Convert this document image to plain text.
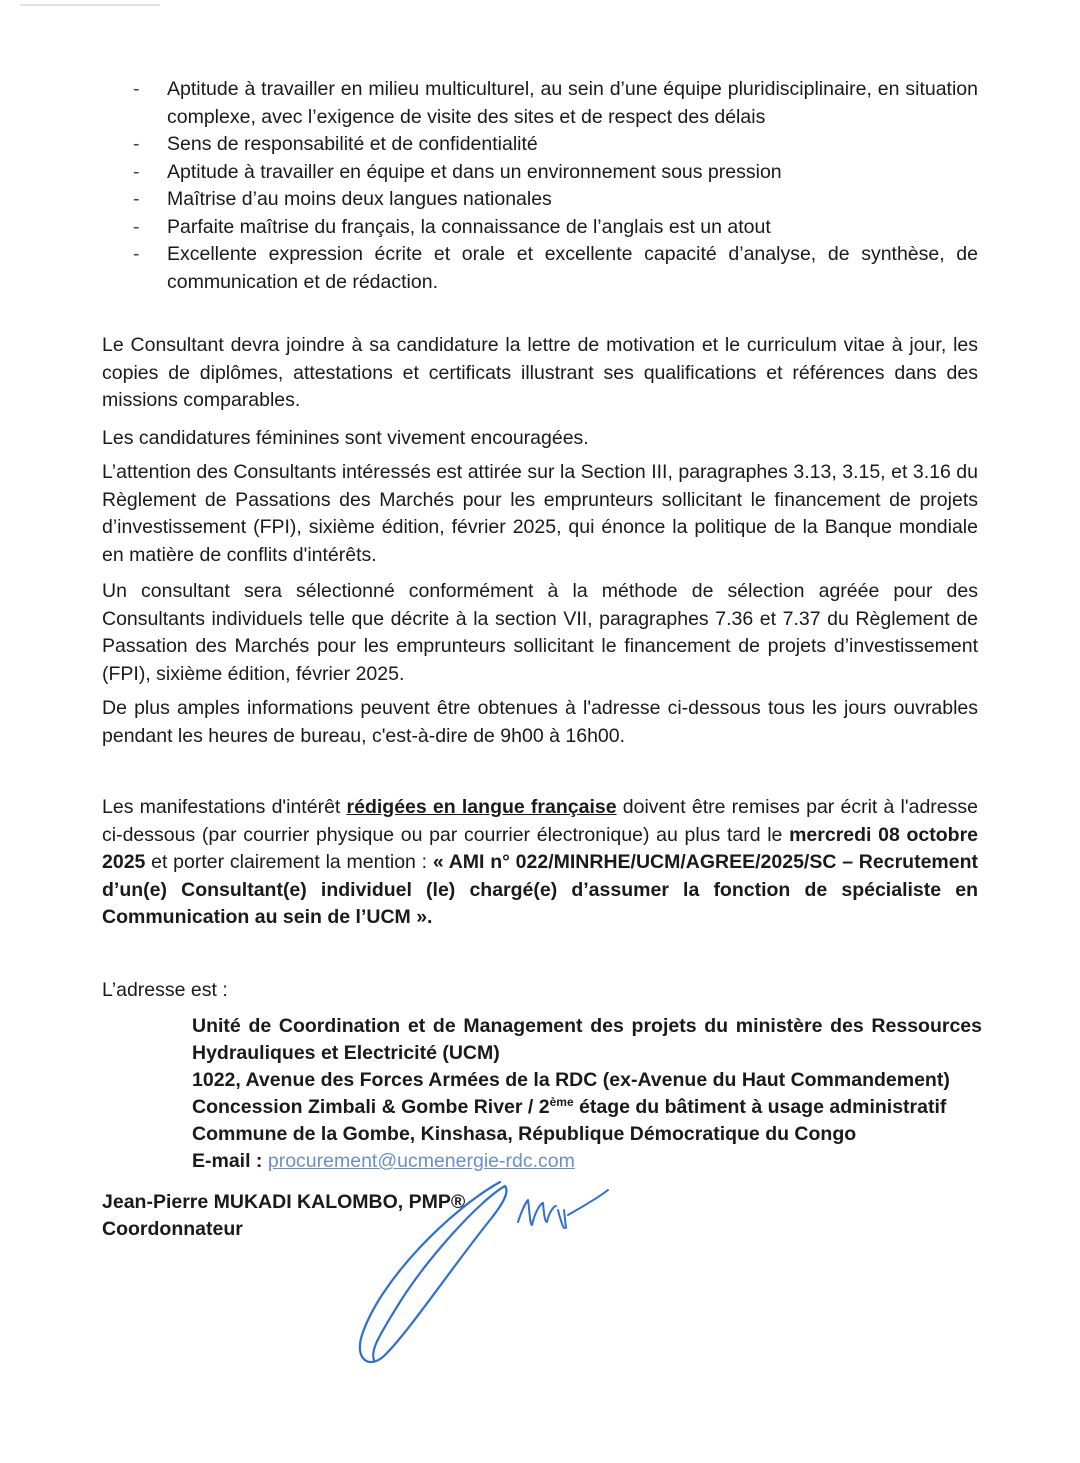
- Aptitude à travailler en milieu multiculturel, au sein d’une équipe pluridisciplinaire, en situation complexe, avec l’exigence de visite des sites et de respect des délais
- Sens de responsabilité et de confidentialité
- Aptitude à travailler en équipe et dans un environnement sous pression
- Maîtrise d’au moins deux langues nationales
- Parfaite maîtrise du français, la connaissance de l’anglais est un atout
- Excellente expression écrite et orale et excellente capacité d’analyse, de synthèse, de communication et de rédaction.

Le Consultant devra joindre à sa candidature la lettre de motivation et le curriculum vitae à jour, les copies de diplômes, attestations et certificats illustrant ses qualifications et références dans des missions comparables.

Les candidatures féminines sont vivement encouragées.

L’attention des Consultants intéressés est attirée sur la Section III, paragraphes 3.13, 3.15, et 3.16 du Règlement de Passations des Marchés pour les emprunteurs sollicitant le financement de projets d’investissement (FPI), sixième édition, février 2025, qui énonce la politique de la Banque mondiale en matière de conflits d'intérêts.

Un consultant sera sélectionné conformément à la méthode de sélection agréée pour des Consultants individuels telle que décrite à la section VII, paragraphes 7.36 et 7.37 du Règlement de Passation des Marchés pour les emprunteurs sollicitant le financement de projets d’investissement (FPI), sixième édition, février 2025.

De plus amples informations peuvent être obtenues à l'adresse ci-dessous tous les jours ouvrables pendant les heures de bureau, c'est-à-dire de 9h00 à 16h00.

Les manifestations d'intérêt rédigées en langue française doivent être remises par écrit à l'adresse ci-dessous (par courrier physique ou par courrier électronique) au plus tard le mercredi 08 octobre 2025 et porter clairement la mention : « AMI n° 022/MINRHE/UCM/AGREE/2025/SC – Recrutement d’un(e) Consultant(e) individuel (le) chargé(e) d’assumer la fonction de spécialiste en Communication au sein de l’UCM ».

L’adresse est :

Unité de Coordination et de Management des projets du ministère des Ressources Hydrauliques et Electricité (UCM)
1022, Avenue des Forces Armées de la RDC (ex-Avenue du Haut Commandement)
Concession Zimbali & Gombe River / 2ème étage du bâtiment à usage administratif
Commune de la Gombe, Kinshasa, République Démocratique du Congo
E-mail : procurement@ucmenergie-rdc.com
Jean-Pierre MUKADI KALOMBO, PMP®
Coordonnateur
